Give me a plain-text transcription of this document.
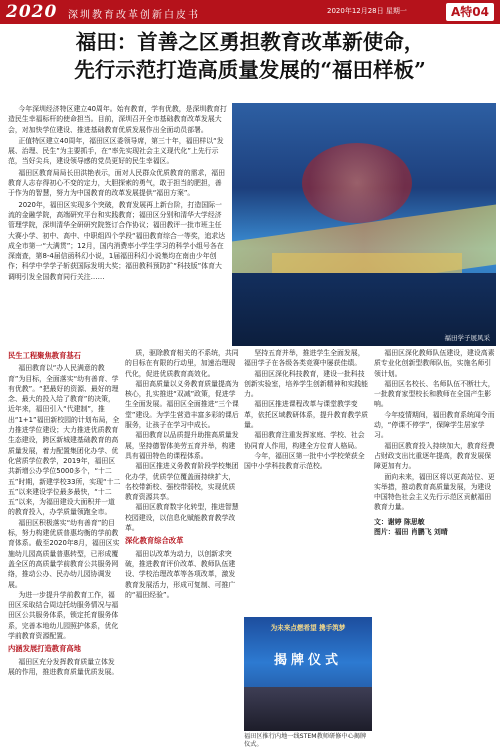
2020 深圳教育改革创新白皮书	2020年12月28日 星期一	A特04
福田：首善之区勇担教育改革新使命，
先行示范打造高质量发展的“福田样板”

今年深圳经济特区建立40周年。始有教育，学有优教，是深圳教育打造民生幸福标杆的使命担当。目前，深圳召开全市基础教育改革发展大会，对加快学位建设、推进基础教育优质发展作出全面动员部署。

正值特区建立40周年，福田区区委领导席，第三十年，福田样以“发展、治理、民生”为主要抓手，在“率先实现社会主义现代化”上先行示范，当好尖兵，建设领导感的党员更好的民生幸福区。

福田区教育局局长田洪艳表示，面对人民群众优质教育的需求，福田教育人志存得初心不变的定力，大胆探索的勇气，敢于担当的肥担，善于作为的智慧，努力为中国教育的改革发展提供“福田方案”。

2020年，福田区实现多个突破，教育发展再上新台阶，打造国际一流的金融学院，高端研究平台和实践教育；福田区分别和清华大学经济管理学院，深圳清华全研研究院签订合作协议；福田教评一批市班主任大赛小学、初中、高中、中职组四个学段“福田教育综合一等奖，追求达成全市第一“大满贯”；12月，国内消费率小学生学习的科学小组号各在深南查，第8-4届信函科幻小说，1届福田科幻小说集均在南由少年创作；科学中学学子斩获国际发明大奖；福田教科预防扩“科技版”体育大调明引发全国教育同行关注……

福田学子展风采
民生工程聚焦教育基石

福田教育以“办人民满意的教育”为目标，全面落实“幼有善育、学有优教”。“把最好的资源、最好的理念、最大的投入给了教育”的决策，近年来，福田引入“代建制”，推出“1+1”福田新校园的计划布局，全力推进学位建设；大力推进优质教育生态建设，跨区新城建基础教育的高质量发展，着力配置集团化办学、优化营质学位教学，2019年，福田区共新增公办学位5000多个，“十二五”时期，新建学校33所，实现“十二五”以来建设学位最多最快，“十二五”以来，为福田建设大面积并一道的教育投入，办学质量领跑全市。

福田区积极落实“幼有善育”的目标，努力构建优质普惠均衡的学前教育体系。截至2020年8月，福田区实施幼儿园高质量普惠转型，已形成覆盖全区的高质量学前教育公共服务网络，推动公办、民办幼儿园协调发展。

为进一步提升学前教育工作，福田区采取结合周边托幼服务情况与福田区公共服务体系，锁定托育服务体系，完善本地幼儿园照护体系，优化学前教育资源配置。

内涵发展打造教育高地

福田区充分发挥教育质量立体发展的作用，推进教育质量优质发展。

质，驱除教育相关的不系统，共同的目标在有限的行动里，加速治理现代化，促进优质教育高效化。

福田高质量以义务教育质量提高为核心，扎实推进“双减”政策，促进学生全面发展。福田区全面推进“三个课堂”建设。为学生营造丰富多彩的课后服务，让孩子在学习中成长。

福田教育以品质提升助推高质量发展，坚持德智体美劳五育并举，构建具有福田特色的课程体系。

福田区推进义务教育阶段学校集团化办学，优质学位覆盖面持续扩大，名校带新校、强校带弱校，实现优质教育资源共享。

福田区教育数字化转型，推进智慧校园建设，以信息化赋能教育教学改革。

深化教育综合改革

福田以改革为动力，以创新求突破，推进教育评价改革、教师队伍建设、学校治理改革等各项改革，激发教育发展活力，形成可复制、可推广的“福田经验”。

坚持五育并举，推进学生全面发展，福田学子在各级各类竞赛中屡获佳绩。

福田区深化科技教育，建设一批科技创新实验室，培养学生创新精神和实践能力。

福田区推进课程改革与课堂教学变革，依托区域教研体系，提升教育教学质量。

福田教育注重发挥家庭、学校、社会协同育人作用，构建全方位育人格局。

今年，福田区第一批中小学校荣获全国中小学科技教育示范校。

为未来点燃希望 携手筑梦
揭牌仪式
福田区推行内地一线STEM教师研修中心揭牌仪式。

福田区深化教师队伍建设，建设高素质专业化创新型教师队伍，实施名师引领计划。

福田区名校长、名师队伍不断壮大，一批教育家型校长和教师在全国产生影响。

今年疫情期间，福田教育系统闻令而动，“停课不停学”，保障学生居家学习。

福田区教育投入持续加大，教育经费占财政支出比重逐年提高，教育发展保障更加有力。

面向未来，福田区将以更高站位、更实举措，推动教育高质量发展，为建设中国特色社会主义先行示范区贡献福田教育力量。

文：谢婷 陈思敏
图片：福田 肖鹏飞 刘晴
